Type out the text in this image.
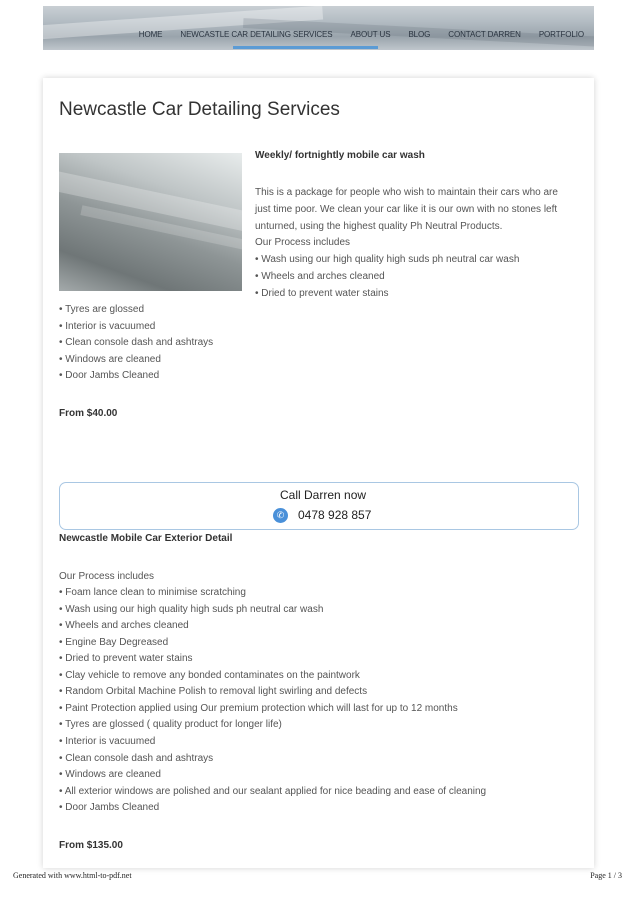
HOME NEWCASTLE CAR DETAILING SERVICES ABOUT US BLOG CONTACT DARREN PORTFOLIO
Newcastle Car Detailing Services
Weekly/ fortnightly mobile car wash
This is a package for people who wish to maintain their cars who are
just time poor. We clean your car like it is our own with no stones left
unturned, using the highest quality Ph Neutral Products.
Our Process includes
• Wash using our high quality high suds ph neutral car wash
• Wheels and arches cleaned
• Dried to prevent water stains
• Tyres are glossed
• Interior is vacuumed
• Clean console dash and ashtrays
• Windows are cleaned
• Door Jambs Cleaned
From $40.00
Call Darren now
✆	0478 928 857
Newcastle Mobile Car Exterior Detail
Our Process includes
• Foam lance clean to minimise scratching
• Wash using our high quality high suds ph neutral car wash
• Wheels and arches cleaned
• Engine Bay Degreased
• Dried to prevent water stains
• Clay vehicle to remove any bonded contaminates on the paintwork
• Random Orbital Machine Polish to removal light swirling and defects
• Paint Protection applied using Our premium protection which will last for up to 12 months
• Tyres are glossed ( quality product for longer life)
• Interior is vacuumed
• Clean console dash and ashtrays
• Windows are cleaned
• All exterior windows are polished and our sealant applied for nice beading and ease of cleaning
• Door Jambs Cleaned
From $135.00
Generated with www.html-to-pdf.net	Page 1 / 3
